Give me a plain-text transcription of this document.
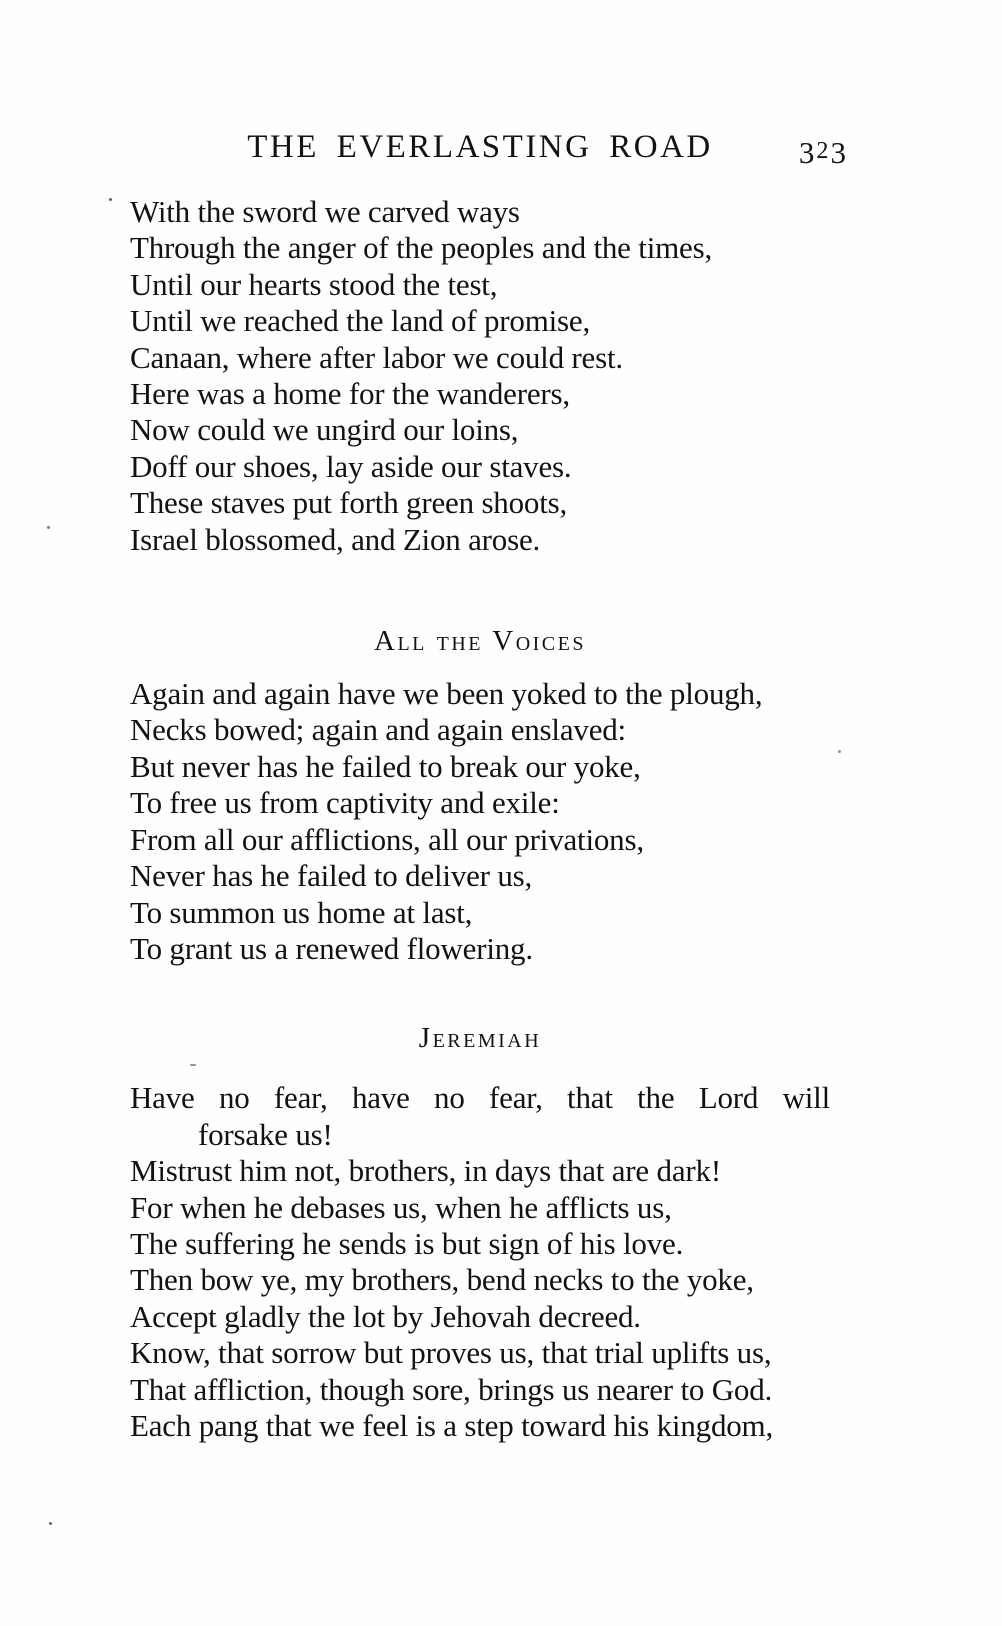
THE EVERLASTING ROAD	323
With the sword we carved ways
Through the anger of the peoples and the times,
Until our hearts stood the test,
Until we reached the land of promise,
Canaan, where after labor we could rest.
Here was a home for the wanderers,
Now could we ungird our loins,
Doff our shoes, lay aside our staves.
These staves put forth green shoots,
Israel blossomed, and Zion arose.
All the Voices
Again and again have we been yoked to the plough,
Necks bowed; again and again enslaved:
But never has he failed to break our yoke,
To free us from captivity and exile:
From all our afflictions, all our privations,
Never has he failed to deliver us,
To summon us home at last,
To grant us a renewed flowering.
Jeremiah
Have no fear, have no fear, that the Lord will
forsake us!
Mistrust him not, brothers, in days that are dark!
For when he debases us, when he afflicts us,
The suffering he sends is but sign of his love.
Then bow ye, my brothers, bend necks to the yoke,
Accept gladly the lot by Jehovah decreed.
Know, that sorrow but proves us, that trial uplifts us,
That affliction, though sore, brings us nearer to God.
Each pang that we feel is a step toward his kingdom,
